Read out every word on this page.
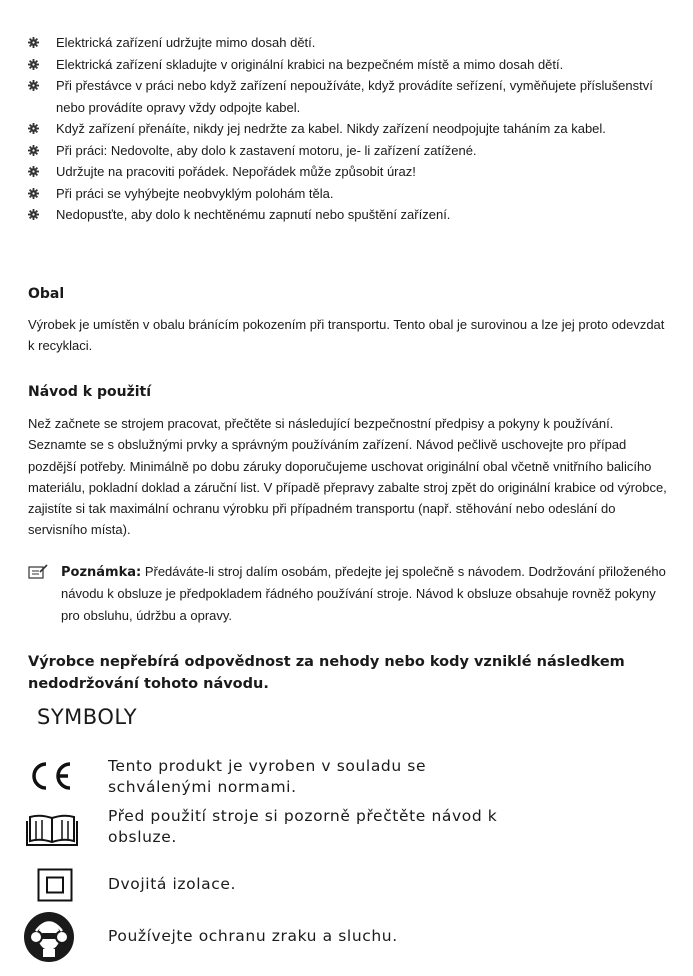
Elektrická zařízení udržujte mimo dosah dětí.

Elektrická zařízení skladujte v originální krabici na bezpečném místě a mimo dosah dětí.

Při přestávce v práci nebo když zařízení nepoužíváte, když provádíte seřízení, vyměňujete příslušenství nebo provádíte opravy vždy odpojte kabel.

Když zařízení přenáíte, nikdy jej nedržte za kabel. Nikdy zařízení neodpojujte taháním za kabel.

Při práci: Nedovolte, aby dolo k zastavení motoru, je- li zařízení zatížené.

Udržujte na pracoviti pořádek. Nepořádek může způsobit úraz!

Při práci se vyhýbejte neobvyklým polohám těla.

Nedopusťte, aby dolo k nechtěnému zapnutí nebo spuštění zařízení.

Obal

Výrobek je umístěn v obalu bránícím pokozením při transportu. Tento obal je surovinou a lze jej proto odevzdat k recyklaci.

Návod k použití

Než začnete se strojem pracovat, přečtěte si následující bezpečnostní předpisy a pokyny k používání. Seznamte se s obslužnými prvky a správným používáním zařízení. Návod pečlivě uschovejte pro případ pozdější potřeby. Minimálně po dobu záruky doporučujeme uschovat originální obal včetně vnitřního balicího materiálu, pokladní doklad a záruční list. V případě přepravy zabalte stroj zpět do originální krabice od výrobce, zajistíte si tak maximální ochranu výrobku při případném transportu (např. stěhování nebo odeslání do servisního místa).

Poznámka: Předáváte-li stroj dalím osobám, předejte jej společně s návodem. Dodržování přiloženého návodu k obsluze je předpokladem řádného používání stroje. Návod k obsluze obsahuje rovněž pokyny pro obsluhu, údržbu a opravy.
Výrobce nepřebírá odpovědnost za nehody nebo kody vzniklé následkem nedodržování tohoto návodu.
SYMBOLY
Tento produkt je vyroben v souladu se schválenými normami.
Před použití stroje si pozorně přečtěte návod k obsluze.
Dvojitá izolace.
Používejte ochranu zraku a sluchu.
